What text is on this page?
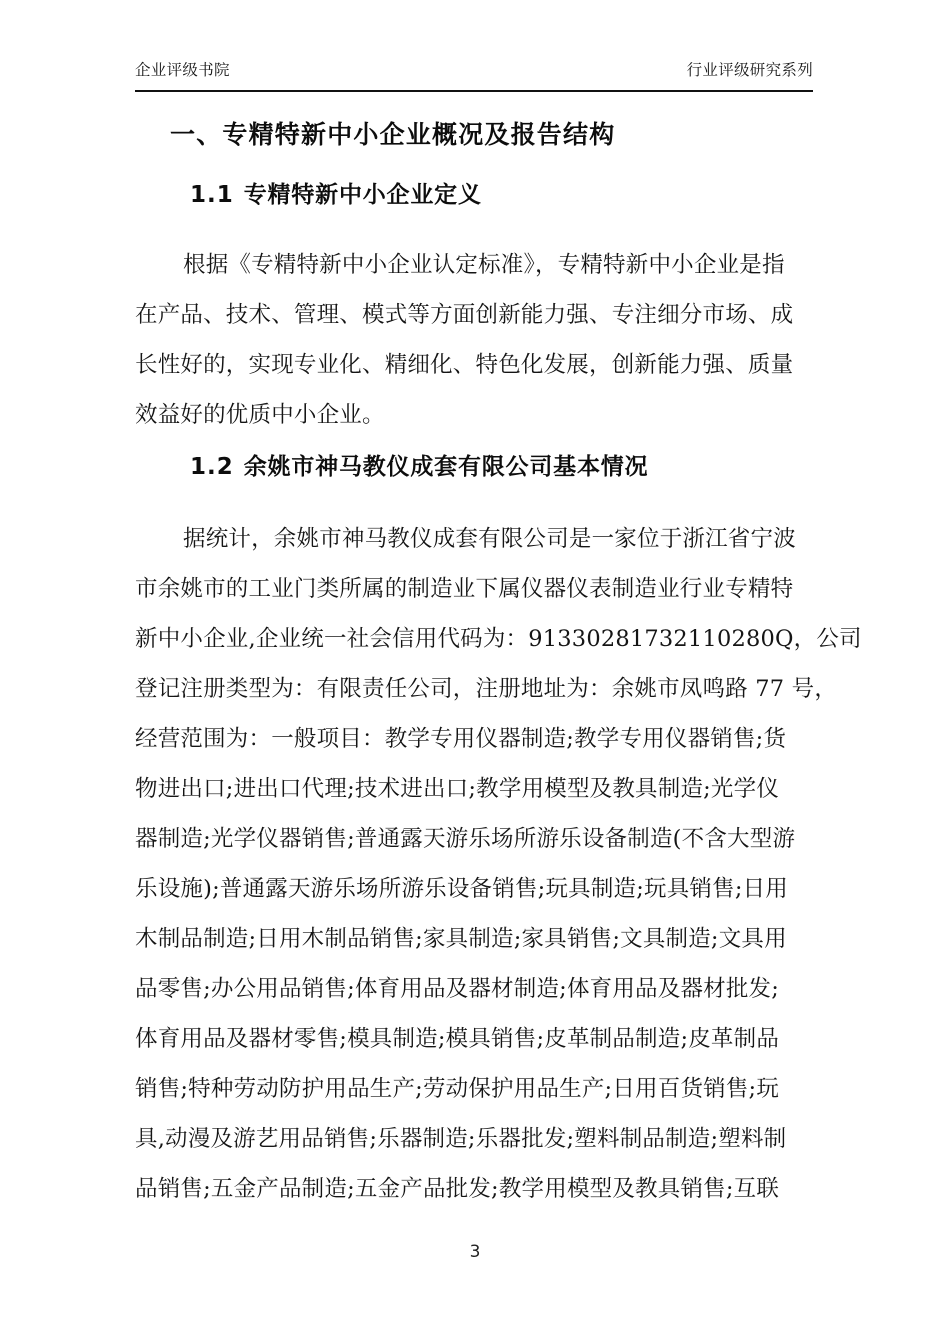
企业评级书院	行业评级研究系列
一、专精特新中小企业概况及报告结构
1.1 专精特新中小企业定义
根据《专精特新中小企业认定标准》，专精特新中小企业是指
在产品、技术、管理、模式等方面创新能力强、专注细分市场、成
长性好的，实现专业化、精细化、特色化发展，创新能力强、质量
效益好的优质中小企业。
1.2 余姚市神马教仪成套有限公司基本情况
据统计，余姚市神马教仪成套有限公司是一家位于浙江省宁波
市余姚市的工业门类所属的制造业下属仪器仪表制造业行业专精特
新中小企业,企业统一社会信用代码为：91330281732110280Q，公司
登记注册类型为：有限责任公司，注册地址为：余姚市凤鸣路 77 号，
经营范围为：一般项目：教学专用仪器制造;教学专用仪器销售;货
物进出口;进出口代理;技术进出口;教学用模型及教具制造;光学仪
器制造;光学仪器销售;普通露天游乐场所游乐设备制造(不含大型游
乐设施);普通露天游乐场所游乐设备销售;玩具制造;玩具销售;日用
木制品制造;日用木制品销售;家具制造;家具销售;文具制造;文具用
品零售;办公用品销售;体育用品及器材制造;体育用品及器材批发;
体育用品及器材零售;模具制造;模具销售;皮革制品制造;皮革制品
销售;特种劳动防护用品生产;劳动保护用品生产;日用百货销售;玩
具,动漫及游艺用品销售;乐器制造;乐器批发;塑料制品制造;塑料制
品销售;五金产品制造;五金产品批发;教学用模型及教具销售;互联
3
